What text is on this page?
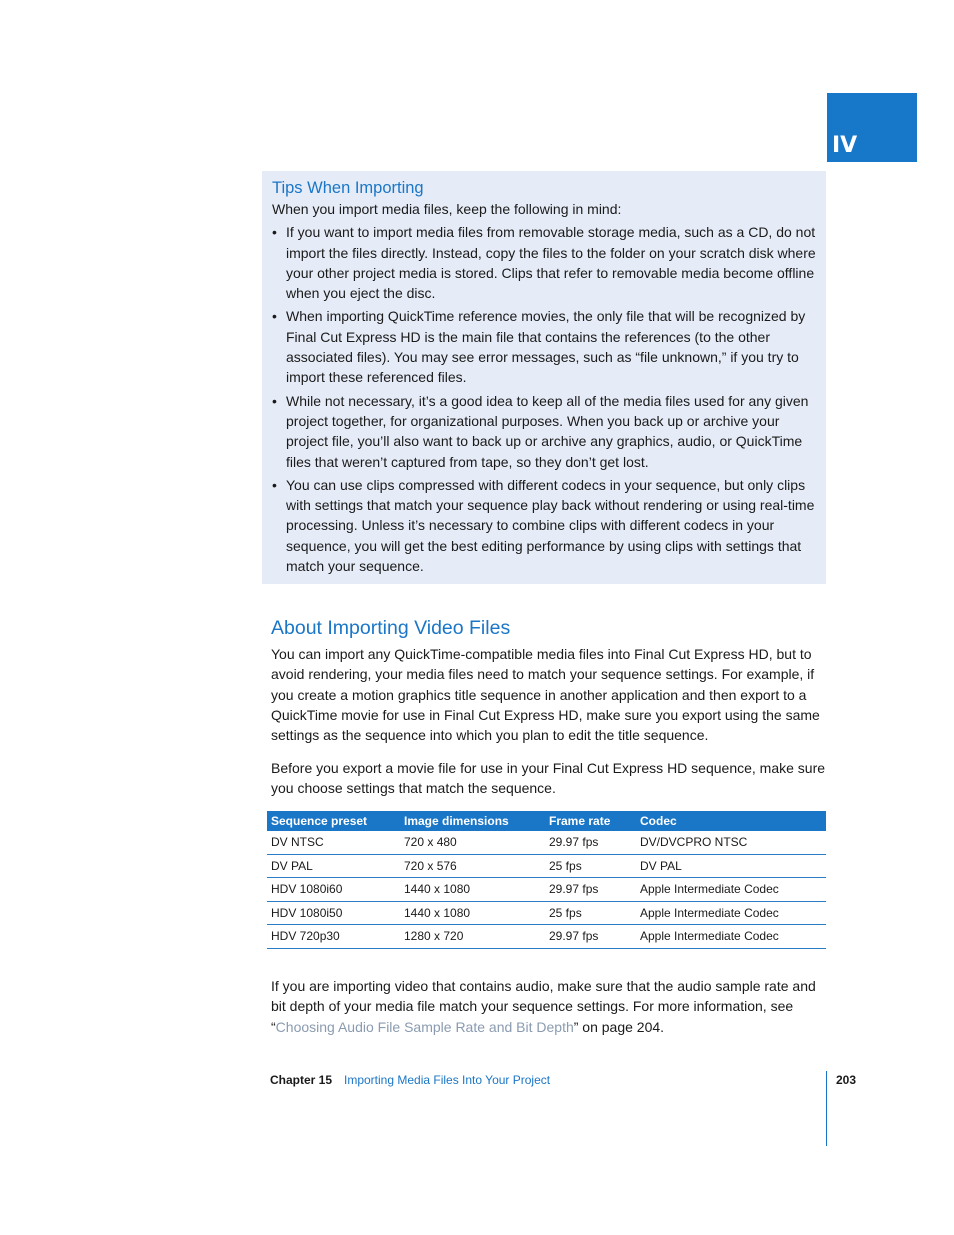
IV
Tips When Importing
When you import media files, keep the following in mind:
• If you want to import media files from removable storage media, such as a CD, do not import the files directly. Instead, copy the files to the folder on your scratch disk where your other project media is stored. Clips that refer to removable media become offline when you eject the disc.
• When importing QuickTime reference movies, the only file that will be recognized by Final Cut Express HD is the main file that contains the references (to the other associated files). You may see error messages, such as “file unknown,” if you try to import these referenced files.
• While not necessary, it’s a good idea to keep all of the media files used for any given project together, for organizational purposes. When you back up or archive your project file, you’ll also want to back up or archive any graphics, audio, or QuickTime files that weren’t captured from tape, so they don’t get lost.
• You can use clips compressed with different codecs in your sequence, but only clips with settings that match your sequence play back without rendering or using real-time processing. Unless it’s necessary to combine clips with different codecs in your sequence, you will get the best editing performance by using clips with settings that match your sequence.
About Importing Video Files

You can import any QuickTime-compatible media files into Final Cut Express HD, but to avoid rendering, your media files need to match your sequence settings. For example, if you create a motion graphics title sequence in another application and then export to a QuickTime movie for use in Final Cut Express HD, make sure you export using the same settings as the sequence into which you plan to edit the title sequence.

Before you export a movie file for use in your Final Cut Express HD sequence, make sure you choose settings that match the sequence.

Sequence preset	Image dimensions	Frame rate	Codec
DV NTSC	720 x 480	29.97 fps	DV/DVCPRO NTSC
DV PAL	720 x 576	25 fps	DV PAL
HDV 1080i60	1440 x 1080	29.97 fps	Apple Intermediate Codec
HDV 1080i50	1440 x 1080	25 fps	Apple Intermediate Codec
HDV 720p30	1280 x 720	29.97 fps	Apple Intermediate Codec

If you are importing video that contains audio, make sure that the audio sample rate and bit depth of your media file match your sequence settings. For more information, see “Choosing Audio File Sample Rate and Bit Depth” on page 204.

Chapter 15 Importing Media Files Into Your Project	203
